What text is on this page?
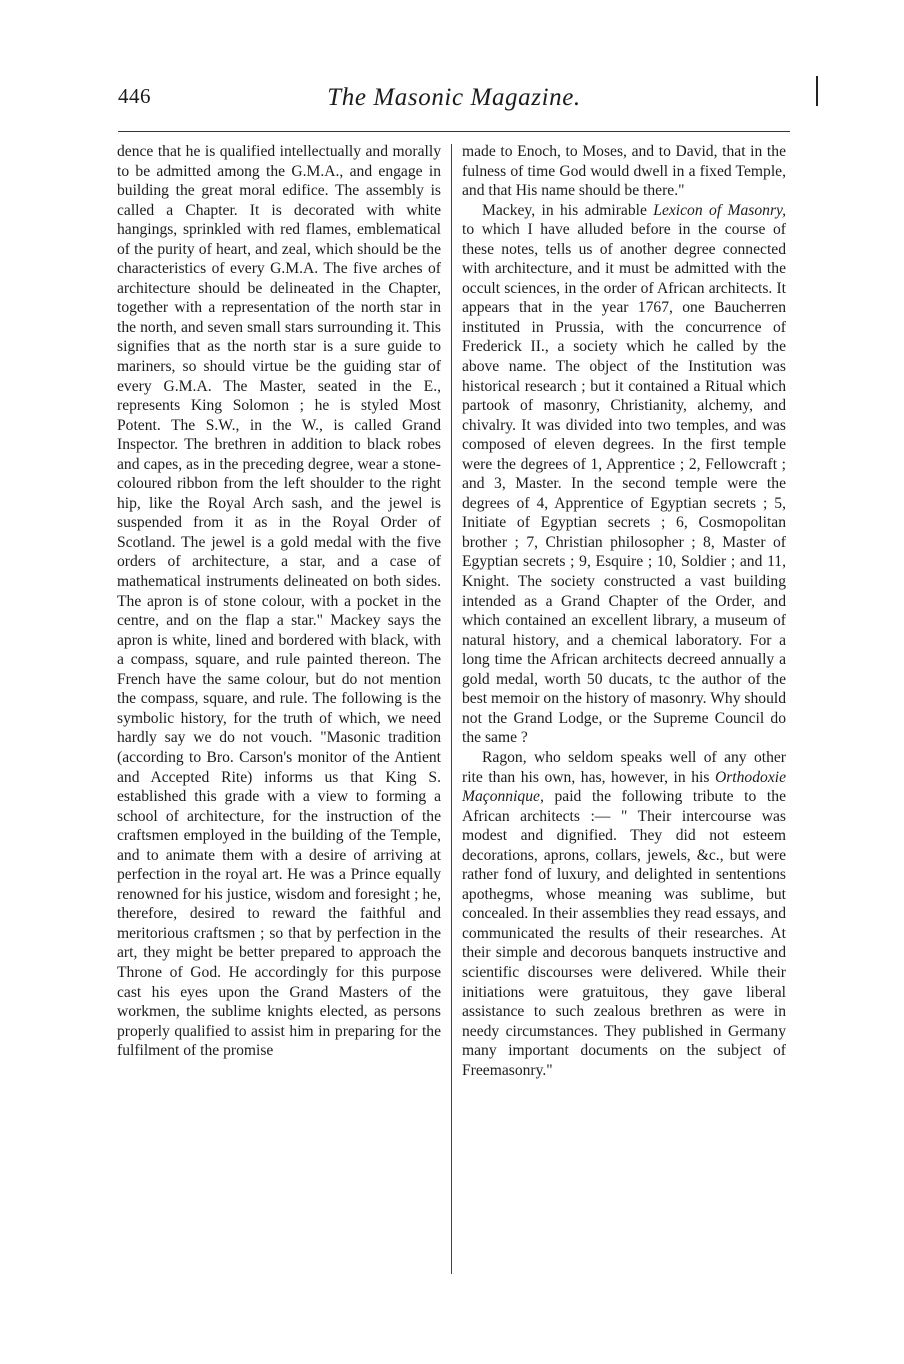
446	The Masonic Magazine.

dence that he is qualified intellectually and morally to be admitted among the G.M.A., and engage in building the great moral edifice. The assembly is called a Chapter. It is decorated with white hangings, sprinkled with red flames, emblematical of the purity of heart, and zeal, which should be the characteristics of every G.M.A. The five arches of architecture should be delineated in the Chapter, together with a representation of the north star in the north, and seven small stars surrounding it. This signifies that as the north star is a sure guide to mariners, so should virtue be the guiding star of every G.M.A. The Master, seated in the E., represents King Solomon ; he is styled Most Potent. The S.W., in the W., is called Grand Inspector. The brethren in addition to black robes and capes, as in the preceding degree, wear a stone-coloured ribbon from the left shoulder to the right hip, like the Royal Arch sash, and the jewel is suspended from it as in the Royal Order of Scotland. The jewel is a gold medal with the five orders of architecture, a star, and a case of mathematical instruments delineated on both sides. The apron is of stone colour, with a pocket in the centre, and on the flap a star." Mackey says the apron is white, lined and bordered with black, with a compass, square, and rule painted thereon. The French have the same colour, but do not mention the compass, square, and rule. The following is the symbolic history, for the truth of which, we need hardly say we do not vouch. "Masonic tradition (according to Bro. Carson's monitor of the Antient and Accepted Rite) informs us that King S. established this grade with a view to forming a school of architecture, for the instruction of the craftsmen employed in the building of the Temple, and to animate them with a desire of arriving at perfection in the royal art. He was a Prince equally renowned for his justice, wisdom and foresight ; he, therefore, desired to reward the faithful and meritorious craftsmen ; so that by perfection in the art, they might be better prepared to approach the Throne of God. He accordingly for this purpose cast his eyes upon the Grand Masters of the workmen, the sublime knights elected, as persons properly qualified to assist him in preparing for the fulfilment of the promise

made to Enoch, to Moses, and to David, that in the fulness of time God would dwell in a fixed Temple, and that His name should be there."

Mackey, in his admirable Lexicon of Masonry, to which I have alluded before in the course of these notes, tells us of another degree connected with architecture, and it must be admitted with the occult sciences, in the order of African architects. It appears that in the year 1767, one Baucherren instituted in Prussia, with the concurrence of Frederick II., a society which he called by the above name. The object of the Institution was historical research ; but it contained a Ritual which partook of masonry, Christianity, alchemy, and chivalry. It was divided into two temples, and was composed of eleven degrees. In the first temple were the degrees of 1, Apprentice ; 2, Fellowcraft ; and 3, Master. In the second temple were the degrees of 4, Apprentice of Egyptian secrets ; 5, Initiate of Egyptian secrets ; 6, Cosmopolitan brother ; 7, Christian philosopher ; 8, Master of Egyptian secrets ; 9, Esquire ; 10, Soldier ; and 11, Knight. The society constructed a vast building intended as a Grand Chapter of the Order, and which contained an excellent library, a museum of natural history, and a chemical laboratory. For a long time the African architects decreed annually a gold medal, worth 50 ducats, tc the author of the best memoir on the history of masonry. Why should not the Grand Lodge, or the Supreme Council do the same ?

Ragon, who seldom speaks well of any other rite than his own, has, however, in his Orthodoxie Maçonnique, paid the following tribute to the African architects :— " Their intercourse was modest and dignified. They did not esteem decorations, aprons, collars, jewels, &c., but were rather fond of luxury, and delighted in sententions apothegms, whose meaning was sublime, but concealed. In their assemblies they read essays, and communicated the results of their researches. At their simple and decorous banquets instructive and scientific discourses were delivered. While their initiations were gratuitous, they gave liberal assistance to such zealous brethren as were in needy circumstances. They published in Germany many important documents on the subject of Freemasonry."
